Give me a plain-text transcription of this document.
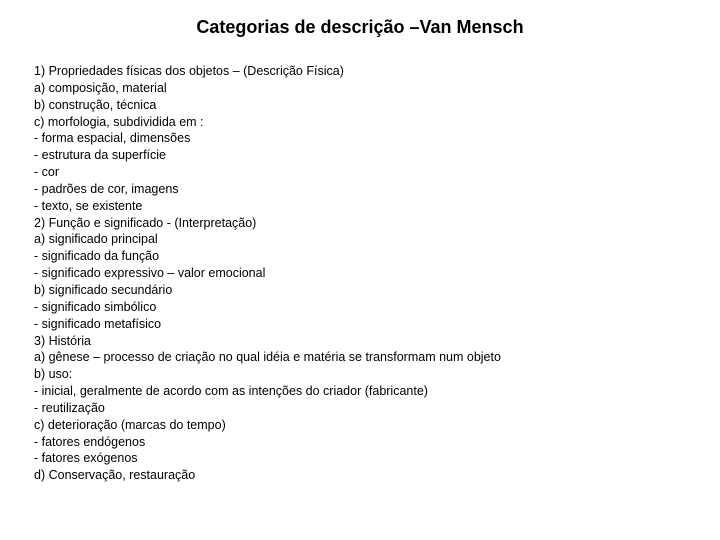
Categorias de descrição –Van Mensch
1) Propriedades físicas dos objetos – (Descrição Física)
a) composição, material
b) construção, técnica
c) morfologia, subdividida em :
- forma espacial, dimensões
- estrutura da superfície
- cor
- padrões de cor, imagens
- texto, se existente
2) Função e significado - (Interpretação)
a) significado principal
- significado da função
- significado expressivo – valor emocional
b) significado secundário
- significado simbólico
- significado metafísico
3) História
a) gênese – processo de criação no qual idéia e matéria se transformam num objeto
b) uso:
- inicial, geralmente de acordo com as intenções do criador (fabricante)
- reutilização
c) deterioração (marcas do tempo)
- fatores endógenos
- fatores exógenos
d) Conservação, restauração
